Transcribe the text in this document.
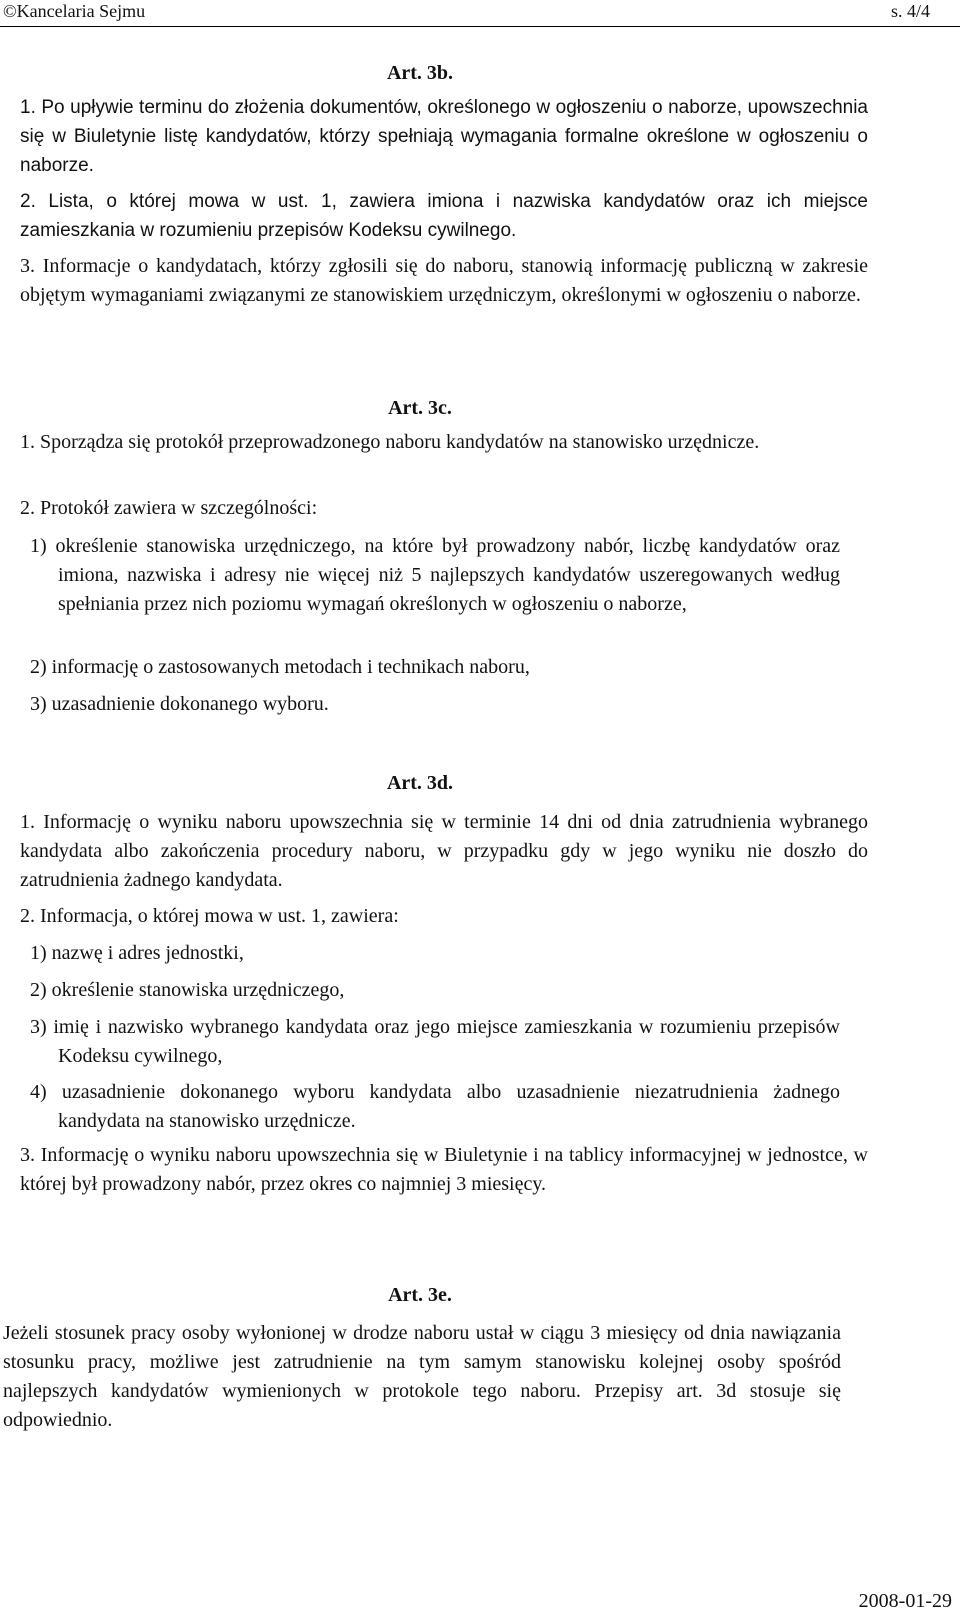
©Kancelaria Sejmu	s. 4/4
Art. 3b.
1. Po upływie terminu do złożenia dokumentów, określonego w ogłoszeniu o naborze, upowszechnia się w Biuletynie listę kandydatów, którzy spełniają wymagania formalne określone w ogłoszeniu o naborze.
2. Lista, o której mowa w ust. 1, zawiera imiona i nazwiska kandydatów oraz ich miejsce zamieszkania w rozumieniu przepisów Kodeksu cywilnego.
3. Informacje o kandydatach, którzy zgłosili się do naboru, stanowią informację publiczną w zakresie objętym wymaganiami związanymi ze stanowiskiem urzędniczym, określonymi w ogłoszeniu o naborze.
Art. 3c.
1. Sporządza się protokół przeprowadzonego naboru kandydatów na stanowisko urzędnicze.
2. Protokół zawiera w szczególności:
1) określenie stanowiska urzędniczego, na które był prowadzony nabór, liczbę kandydatów oraz imiona, nazwiska i adresy nie więcej niż 5 najlepszych kandydatów uszeregowanych według spełniania przez nich poziomu wymagań określonych w ogłoszeniu o naborze,
2) informację o zastosowanych metodach i technikach naboru,
3) uzasadnienie dokonanego wyboru.
Art. 3d.
1. Informację o wyniku naboru upowszechnia się w terminie 14 dni od dnia zatrudnienia wybranego kandydata albo zakończenia procedury naboru, w przypadku gdy w jego wyniku nie doszło do zatrudnienia żadnego kandydata.
2. Informacja, o której mowa w ust. 1, zawiera:
1) nazwę i adres jednostki,
2) określenie stanowiska urzędniczego,
3) imię i nazwisko wybranego kandydata oraz jego miejsce zamieszkania w rozumieniu przepisów Kodeksu cywilnego,
4) uzasadnienie dokonanego wyboru kandydata albo uzasadnienie niezatrudnienia żadnego kandydata na stanowisko urzędnicze.
3. Informację o wyniku naboru upowszechnia się w Biuletynie i na tablicy informacyjnej w jednostce, w której był prowadzony nabór, przez okres co najmniej 3 miesięcy.
Art. 3e.
Jeżeli stosunek pracy osoby wyłonionej w drodze naboru ustał w ciągu 3 miesięcy od dnia nawiązania stosunku pracy, możliwe jest zatrudnienie na tym samym stanowisku kolejnej osoby spośród najlepszych kandydatów wymienionych w protokole tego naboru. Przepisy art. 3d stosuje się odpowiednio.
2008-01-29
